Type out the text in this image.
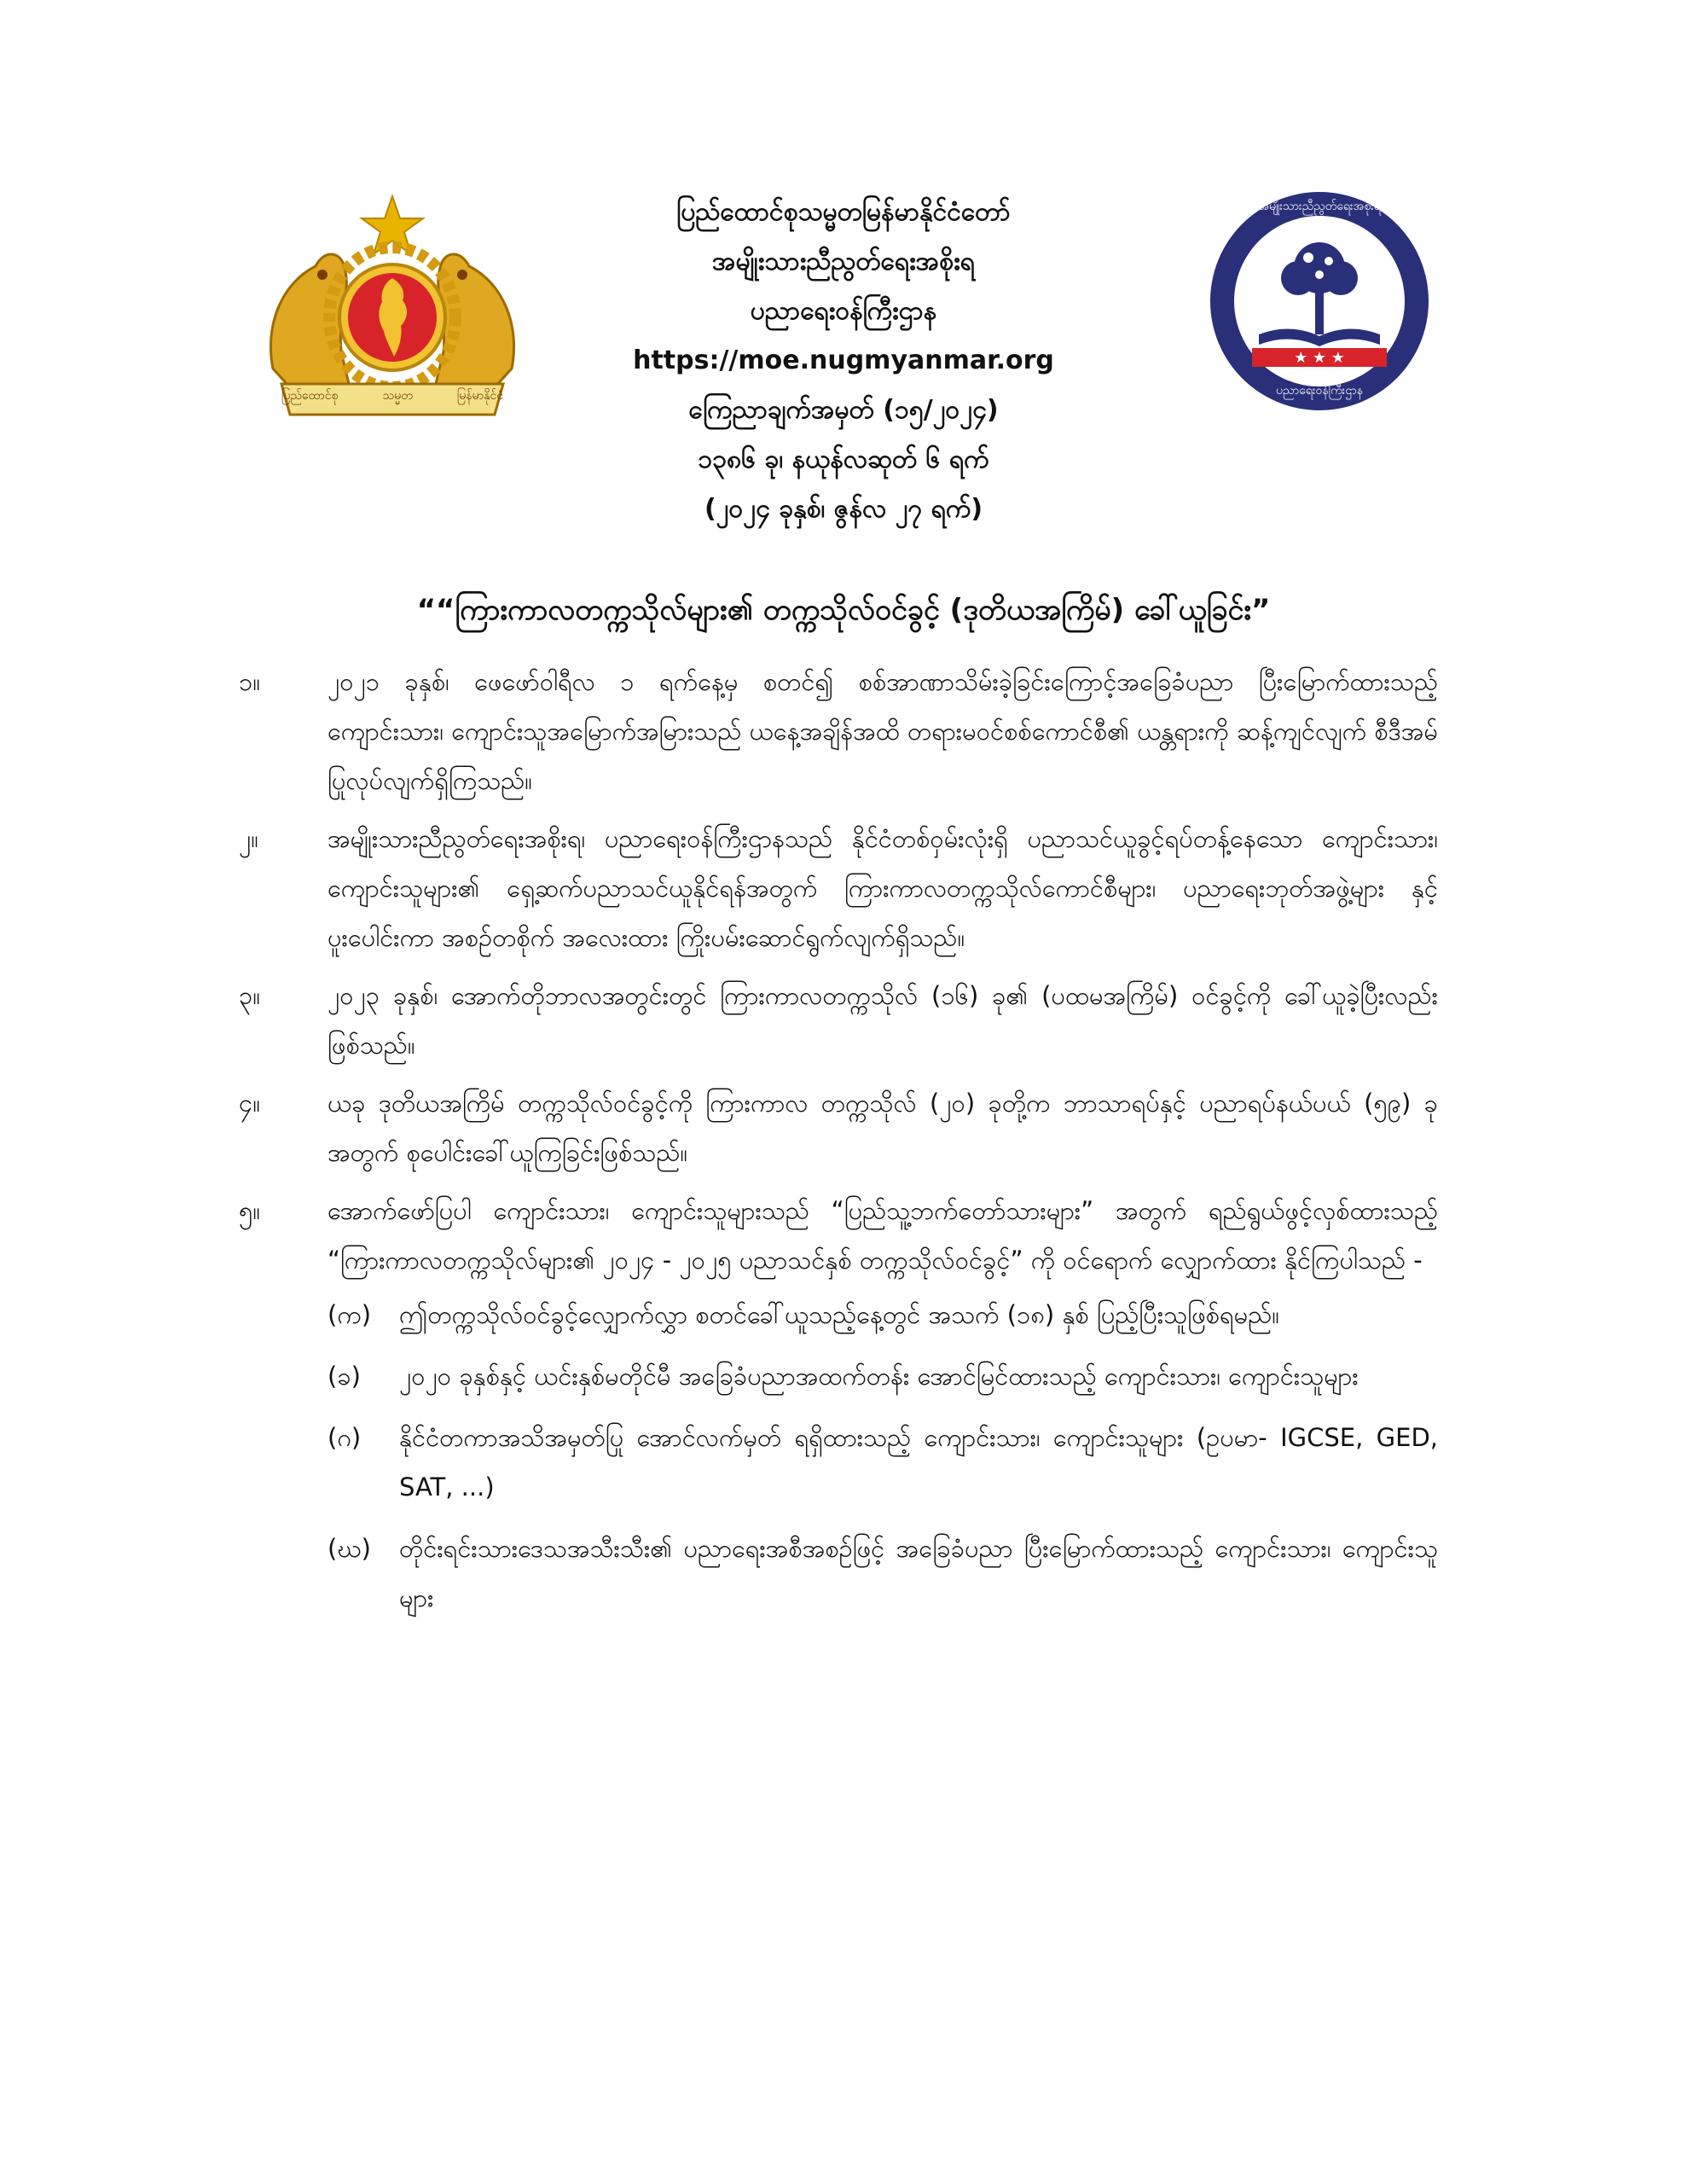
ပြည်ထောင်စု	သမ္မတ	မြန်မာနိုင်ငံ
★ ★ ★
အမျိုးသားညီညွတ်ရေးအစိုးရ
ပညာရေးဝန်ကြီးဌာန
ပြည်ထောင်စုသမ္မတမြန်မာနိုင်ငံတော်
အမျိုးသားညီညွတ်ရေးအစိုးရ
ပညာရေးဝန်ကြီးဌာန
https://moe.nugmyanmar.org
ကြေညာချက်အမှတ် (၁၅/၂၀၂၄)
၁၃၈၆ ခု၊ နယုန်လဆုတ် ၆ ရက်
(၂၀၂၄ ခုနှစ်၊ ဇွန်လ ၂၇ ရက်)
““ကြားကာလတက္ကသိုလ်များ၏ တက္ကသိုလ်ဝင်ခွင့် (ဒုတိယအကြိမ်) ခေါ်ယူခြင်း”
၁။	၂၀၂၁ ခုနှစ်၊ ဖေဖော်ဝါရီလ ၁ ရက်နေ့မှ စတင်၍ စစ်အာဏာသိမ်းခဲ့ခြင်းကြောင့်အခြေခံပညာ ပြီးမြောက်ထားသည့် ကျောင်းသား၊ ကျောင်းသူအမြောက်အမြားသည် ယနေ့အချိန်အထိ တရားမဝင်စစ်ကောင်စီ၏ ယန္တရားကို ဆန့်ကျင်လျက် စီဒီအမ်ပြုလုပ်လျက်ရှိကြသည်။
၂။	အမျိုးသားညီညွတ်ရေးအစိုးရ၊ ပညာရေးဝန်ကြီးဌာနသည် နိုင်ငံတစ်ဝှမ်းလုံးရှိ ပညာသင်ယူခွင့်ရပ်တန့်နေသော ကျောင်းသား၊ ကျောင်းသူများ၏ ရှေ့ဆက်ပညာသင်ယူနိုင်ရန်အတွက် ကြားကာလတက္ကသိုလ်ကောင်စီများ၊ ပညာရေးဘုတ်အဖွဲ့များ နှင့် ပူးပေါင်းကာ အစဉ်တစိုက် အလေးထား ကြိုးပမ်းဆောင်ရွက်လျက်ရှိသည်။
၃။	၂၀၂၃ ခုနှစ်၊ အောက်တိုဘာလအတွင်းတွင် ကြားကာလတက္ကသိုလ် (၁၆) ခု၏ (ပထမအကြိမ်) ဝင်ခွင့်ကို ခေါ်ယူခဲ့ပြီးလည်းဖြစ်သည်။
၄။	ယခု ဒုတိယအကြိမ် တက္ကသိုလ်ဝင်ခွင့်ကို ကြားကာလ တက္ကသိုလ် (၂၀) ခုတို့က ဘာသာရပ်နှင့် ပညာရပ်နယ်ပယ် (၅၉) ခု အတွက် စုပေါင်းခေါ်ယူကြခြင်းဖြစ်သည်။
၅။	အောက်ဖော်ပြပါ ကျောင်းသား၊ ကျောင်းသူများသည် “ပြည်သူ့ဘက်တော်သားများ” အတွက် ရည်ရွယ်ဖွင့်လှစ်ထားသည့် “ကြားကာလတက္ကသိုလ်များ၏ ၂၀၂၄ - ၂၀၂၅ ပညာသင်နှစ် တက္ကသိုလ်ဝင်ခွင့်” ကို ဝင်ရောက် လျှောက်ထား နိုင်ကြပါသည် -
(က) ဤတက္ကသိုလ်ဝင်ခွင့်လျှောက်လွှာ စတင်ခေါ်ယူသည့်နေ့တွင် အသက် (၁၈) နှစ် ပြည့်ပြီးသူဖြစ်ရမည်။
(ခ) ၂၀၂၀ ခုနှစ်နှင့် ယင်းနှစ်မတိုင်မီ အခြေခံပညာအထက်တန်း အောင်မြင်ထားသည့် ကျောင်းသား၊ ကျောင်းသူများ
(ဂ) နိုင်ငံတကာအသိအမှတ်ပြု အောင်လက်မှတ် ရရှိထားသည့် ကျောင်းသား၊ ကျောင်းသူများ (ဥပမာ- IGCSE, GED, SAT, ...)
(ဃ) တိုင်းရင်းသားဒေသအသီးသီး၏ ပညာရေးအစီအစဉ်ဖြင့် အခြေခံပညာ ပြီးမြောက်ထားသည့် ကျောင်းသား၊ ကျောင်းသူများ
